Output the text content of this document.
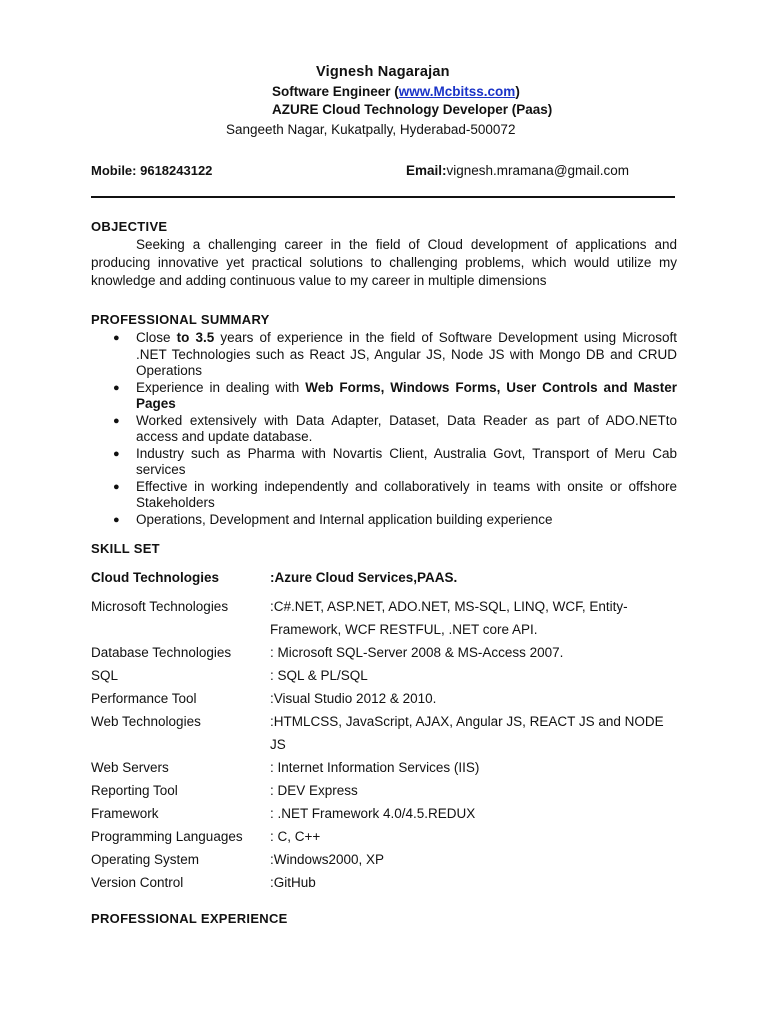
Vignesh Nagarajan
Software Engineer (www.Mcbitss.com)
AZURE Cloud Technology Developer (Paas)
Sangeeth Nagar, Kukatpally, Hyderabad-500072
Mobile: 9618243122	Email:vignesh.mramana@gmail.com
OBJECTIVE
Seeking a challenging career in the field of Cloud development of applications and producing innovative yet practical solutions to challenging problems, which would utilize my knowledge and adding continuous value to my career in multiple dimensions
PROFESSIONAL SUMMARY
● Close to 3.5 years of experience in the field of Software Development using Microsoft .NET Technologies such as React JS, Angular JS, Node JS with Mongo DB and CRUD Operations
● Experience in dealing with Web Forms, Windows Forms, User Controls and Master Pages
● Worked extensively with Data Adapter, Dataset, Data Reader as part of ADO.NETto access and update database.
● Industry such as Pharma with Novartis Client, Australia Govt, Transport of Meru Cab services
● Effective in working independently and collaboratively in teams with onsite or offshore Stakeholders
● Operations, Development and Internal application building experience
SKILL SET
Cloud Technologies	:Azure Cloud Services,PAAS.
Microsoft Technologies	:C#.NET, ASP.NET, ADO.NET, MS-SQL, LINQ, WCF, Entity-Framework, WCF RESTFUL, .NET core API.
Database Technologies	: Microsoft SQL-Server 2008 & MS-Access 2007.
SQL	: SQL & PL/SQL
Performance Tool	:Visual Studio 2012 & 2010.
Web Technologies	:HTMLCSS, JavaScript, AJAX, Angular JS, REACT JS and NODE JS
Web Servers	: Internet Information Services (IIS)
Reporting Tool	: DEV Express
Framework	: .NET Framework 4.0/4.5.REDUX
Programming Languages : C, C++
Operating System	:Windows2000, XP
Version Control	:GitHub
PROFESSIONAL EXPERIENCE
